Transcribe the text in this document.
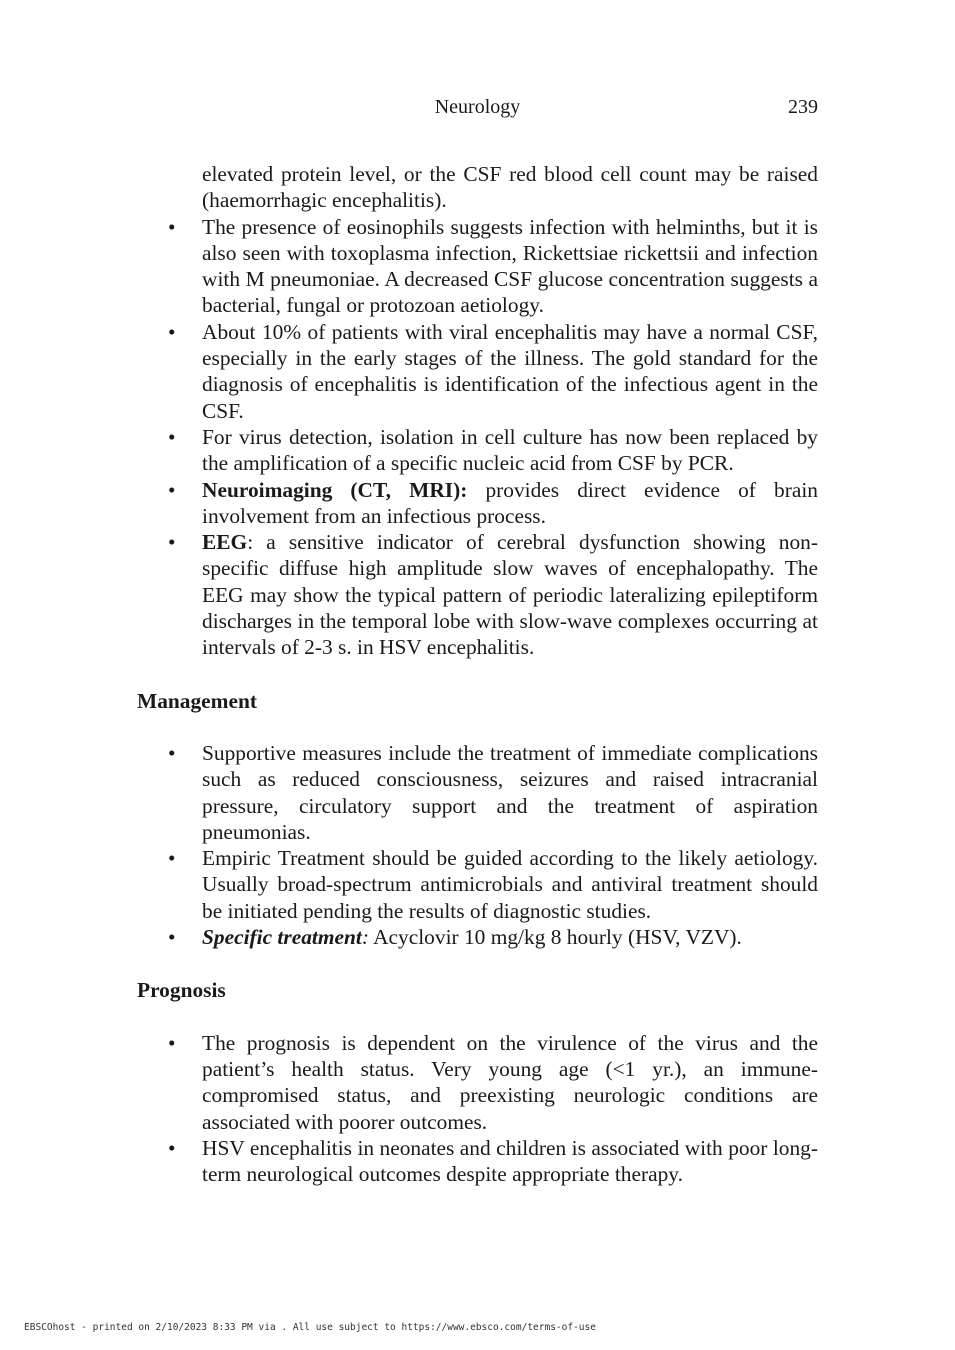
Neurology	239
elevated protein level, or the CSF red blood cell count may be raised (haemorrhagic encephalitis).
• The presence of eosinophils suggests infection with helminths, but it is also seen with toxoplasma infection, Rickettsiae rickettsii and infection with M pneumoniae. A decreased CSF glucose concentration suggests a bacterial, fungal or protozoan aetiology.
• About 10% of patients with viral encephalitis may have a normal CSF, especially in the early stages of the illness. The gold standard for the diagnosis of encephalitis is identification of the infectious agent in the CSF.
• For virus detection, isolation in cell culture has now been replaced by the amplification of a specific nucleic acid from CSF by PCR.
• Neuroimaging (CT, MRI): provides direct evidence of brain involvement from an infectious process.
• EEG: a sensitive indicator of cerebral dysfunction showing non-specific diffuse high amplitude slow waves of encephalopathy. The EEG may show the typical pattern of periodic lateralizing epileptiform discharges in the temporal lobe with slow-wave complexes occurring at intervals of 2-3 s. in HSV encephalitis.
Management
• Supportive measures include the treatment of immediate complications such as reduced consciousness, seizures and raised intracranial pressure, circulatory support and the treatment of aspiration pneumonias.
• Empiric Treatment should be guided according to the likely aetiology. Usually broad-spectrum antimicrobials and antiviral treatment should be initiated pending the results of diagnostic studies.
• Specific treatment: Acyclovir 10 mg/kg 8 hourly (HSV, VZV).
Prognosis
• The prognosis is dependent on the virulence of the virus and the patient’s health status. Very young age (<1 yr.), an immune-compromised status, and preexisting neurologic conditions are associated with poorer outcomes.
• HSV encephalitis in neonates and children is associated with poor long-term neurological outcomes despite appropriate therapy.
EBSCOhost - printed on 2/10/2023 8:33 PM via . All use subject to https://www.ebsco.com/terms-of-use
